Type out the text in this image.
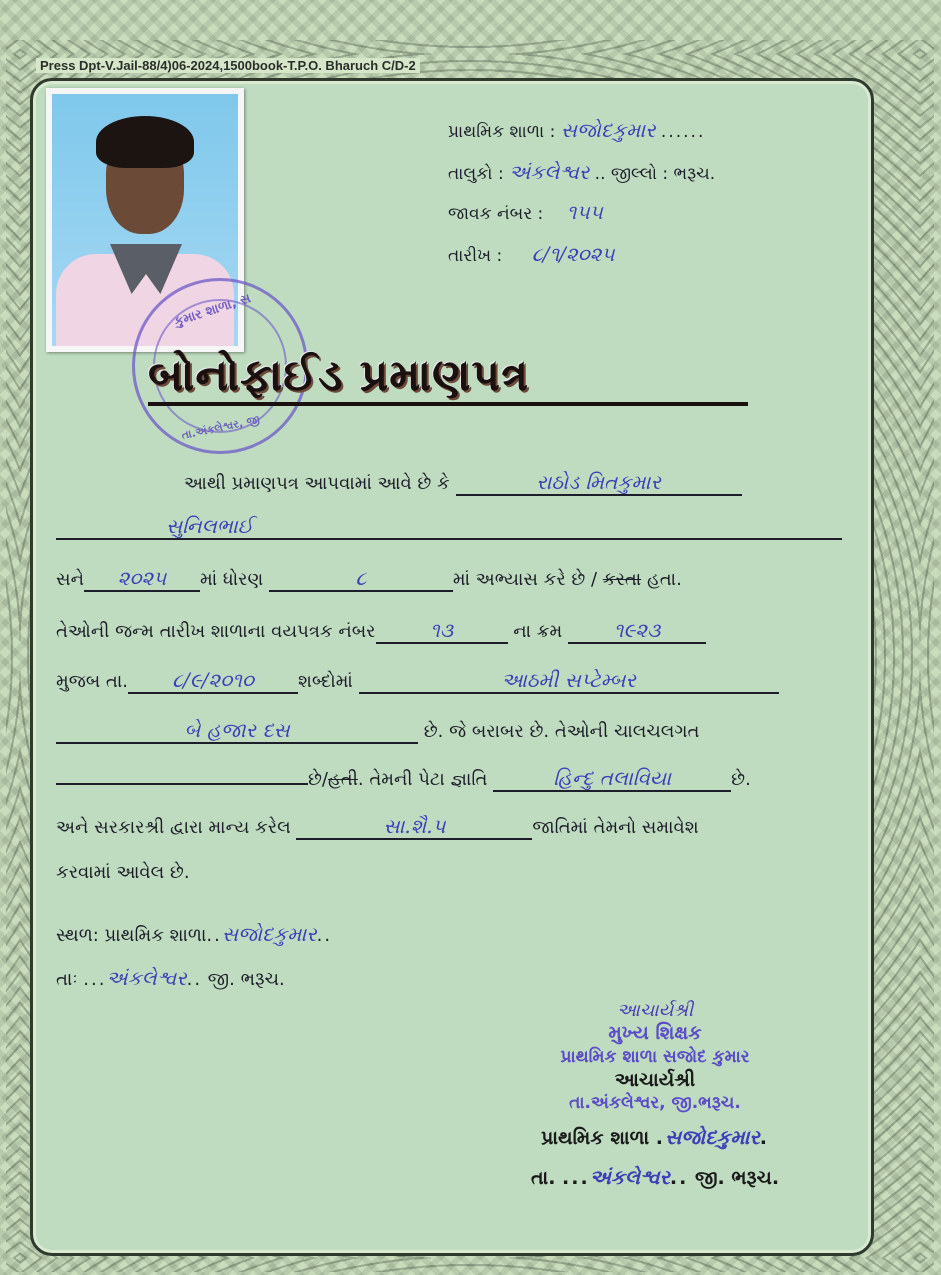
Press Dpt-V.Jail-88/4)06-2024,1500book-T.P.O. Bharuch C/D-2
કુમાર શાળા, સ
તા.અંકલેશ્વર, જી
પ્રાથમિક શાળા : સજોદકુમાર ......
તાલુકો : અંકલેશ્વર .. જીલ્લો : ભરૂચ.
જાવક નંબર : ૧૫૫
તારીખ : ૮/૧/૨૦૨૫
બોનોફાઈડ પ્રમાણપત્ર
આથી પ્રમાણપત્ર આપવામાં આવે છે કે	રાઠોડ મિતકુમાર
સુનિલભાઈ
સને ૨૦૨૫ માં ધોરણ	૮	માં અભ્યાસ કરે છે / કરતા હતા.
તેઓની જન્મ તારીખ શાળાના વયપત્રક નંબર	૧૩	ના ક્રમ	૧૯૨૩
મુજબ તા. ૮/૯/૨૦૧૦ શબ્દોમાં	આઠમી સપ્ટેમ્બર
બે હજાર દસ	છે. જે બરાબર છે. તેઓની ચાલચલગત
છે/હતી. તેમની પેટા જ્ઞાતિ	હિન્દુ તલાવિયા	છે.
અને સરકારશ્રી દ્વારા માન્ય કરેલ	સા.શૈ.પ	જાતિમાં તેમનો સમાવેશ
કરવામાં આવેલ છે.
સ્થળ: પ્રાથમિક શાળા..સજોદકુમાર..
તાઃ ...અંકલેશ્વર.. જી. ભરૂચ.
આચાર્યશ્રી
મુખ્ય શિક્ષક
પ્રાથમિક શાળા સજોદ કુમાર
આચાર્યશ્રી
તા.અંકલેશ્વર, જી.ભરૂચ.
પ્રાથમિક શાળા .સજોદકુમાર.
તા. ...અંકલેશ્વર.. જી. ભરૂચ.
